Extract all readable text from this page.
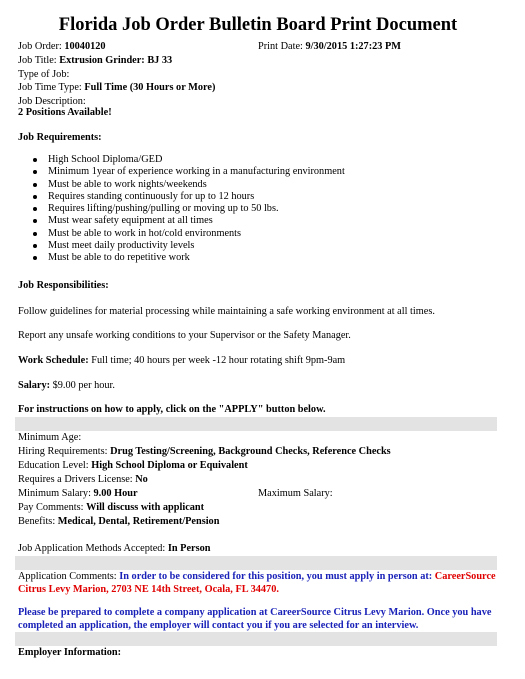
Florida Job Order Bulletin Board Print Document
Job Order: 10040120	Print Date: 9/30/2015 1:27:23 PM
Job Title: Extrusion Grinder: BJ 33
Type of Job:
Job Time Type: Full Time (30 Hours or More)
Job Description:
2 Positions Available!
Job Requirements:
High School Diploma/GED
Minimum 1year of experience working in a manufacturing environment
Must be able to work nights/weekends
Requires standing continuously for up to 12 hours
Requires lifting/pushing/pulling or moving up to 50 lbs.
Must wear safety equipment at all times
Must be able to work in hot/cold environments
Must meet daily productivity levels
Must be able to do repetitive work
Job Responsibilities:
Follow guidelines for material processing while maintaining a safe working environment at all times.
Report any unsafe working conditions to your Supervisor or the Safety Manager.
Work Schedule: Full time; 40 hours per week -12 hour rotating shift 9pm-9am
Salary: $9.00 per hour.
For instructions on how to apply, click on the "APPLY" button below.
Minimum Age:
Hiring Requirements: Drug Testing/Screening, Background Checks, Reference Checks
Education Level: High School Diploma or Equivalent
Requires a Drivers License: No
Minimum Salary: 9.00 Hour	Maximum Salary:
Pay Comments: Will discuss with applicant
Benefits: Medical, Dental, Retirement/Pension
Job Application Methods Accepted: In Person
Application Comments: In order to be considered for this position, you must apply in person at: CareerSource Citrus Levy Marion, 2703 NE 14th Street, Ocala, FL 34470.
Please be prepared to complete a company application at CareerSource Citrus Levy Marion. Once you have completed an application, the employer will contact you if you are selected for an interview.
Employer Information:
